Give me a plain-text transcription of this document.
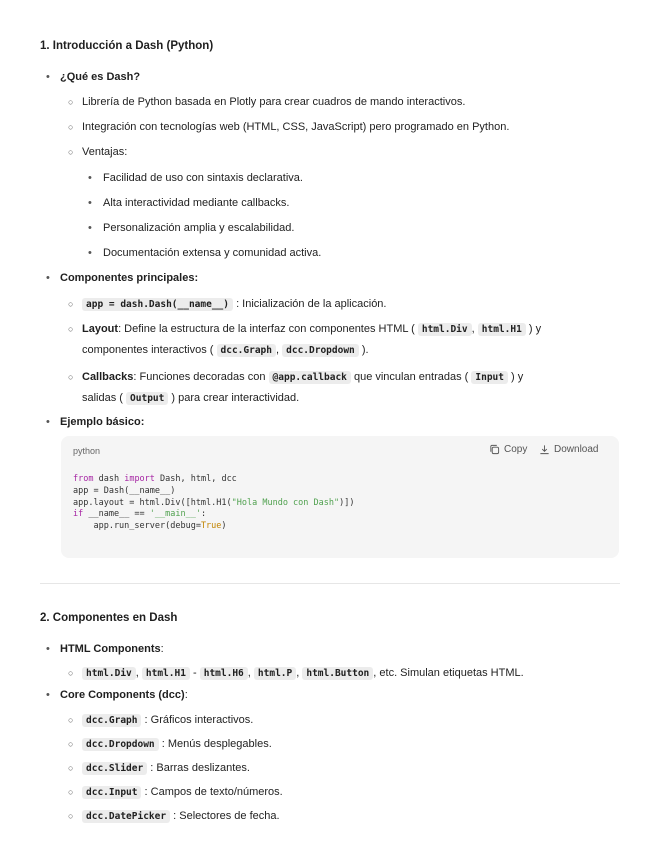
1. Introducción a Dash (Python)
• ¿Qué es Dash?
○ Librería de Python basada en Plotly para crear cuadros de mando interactivos.
○ Integración con tecnologías web (HTML, CSS, JavaScript) pero programado en Python.
○ Ventajas:
• Facilidad de uso con sintaxis declarativa.
• Alta interactividad mediante callbacks.
• Personalización amplia y escalabilidad.
• Documentación extensa y comunidad activa.
• Componentes principales:
○	app = dash.Dash(__name__) : Inicialización de la aplicación.
○ Layout: Define la estructura de la interfaz con componentes HTML ( html.Div , html.H1 ) y
componentes interactivos ( dcc.Graph , dcc.Dropdown ).
○ Callbacks: Funciones decoradas con @app.callback que vinculan entradas ( Input ) y
salidas ( Output ) para crear interactividad.
• Ejemplo básico:
python	Copy	Download
from dash import Dash, html, dcc
app = Dash(__name__)
app.layout = html.Div([html.H1("Hola Mundo con Dash")])
if __name__ == '__main__':
app.run_server(debug=True)
2. Componentes en Dash
• HTML Components:
○	html.Div , html.H1 - html.H6 , html.P , html.Button , etc. Simulan etiquetas HTML.
• Core Components (dcc):
○	dcc.Graph : Gráficos interactivos.
○	dcc.Dropdown : Menús desplegables.
○	dcc.Slider : Barras deslizantes.
○	dcc.Input : Campos de texto/números.
○	dcc.DatePicker : Selectores de fecha.
